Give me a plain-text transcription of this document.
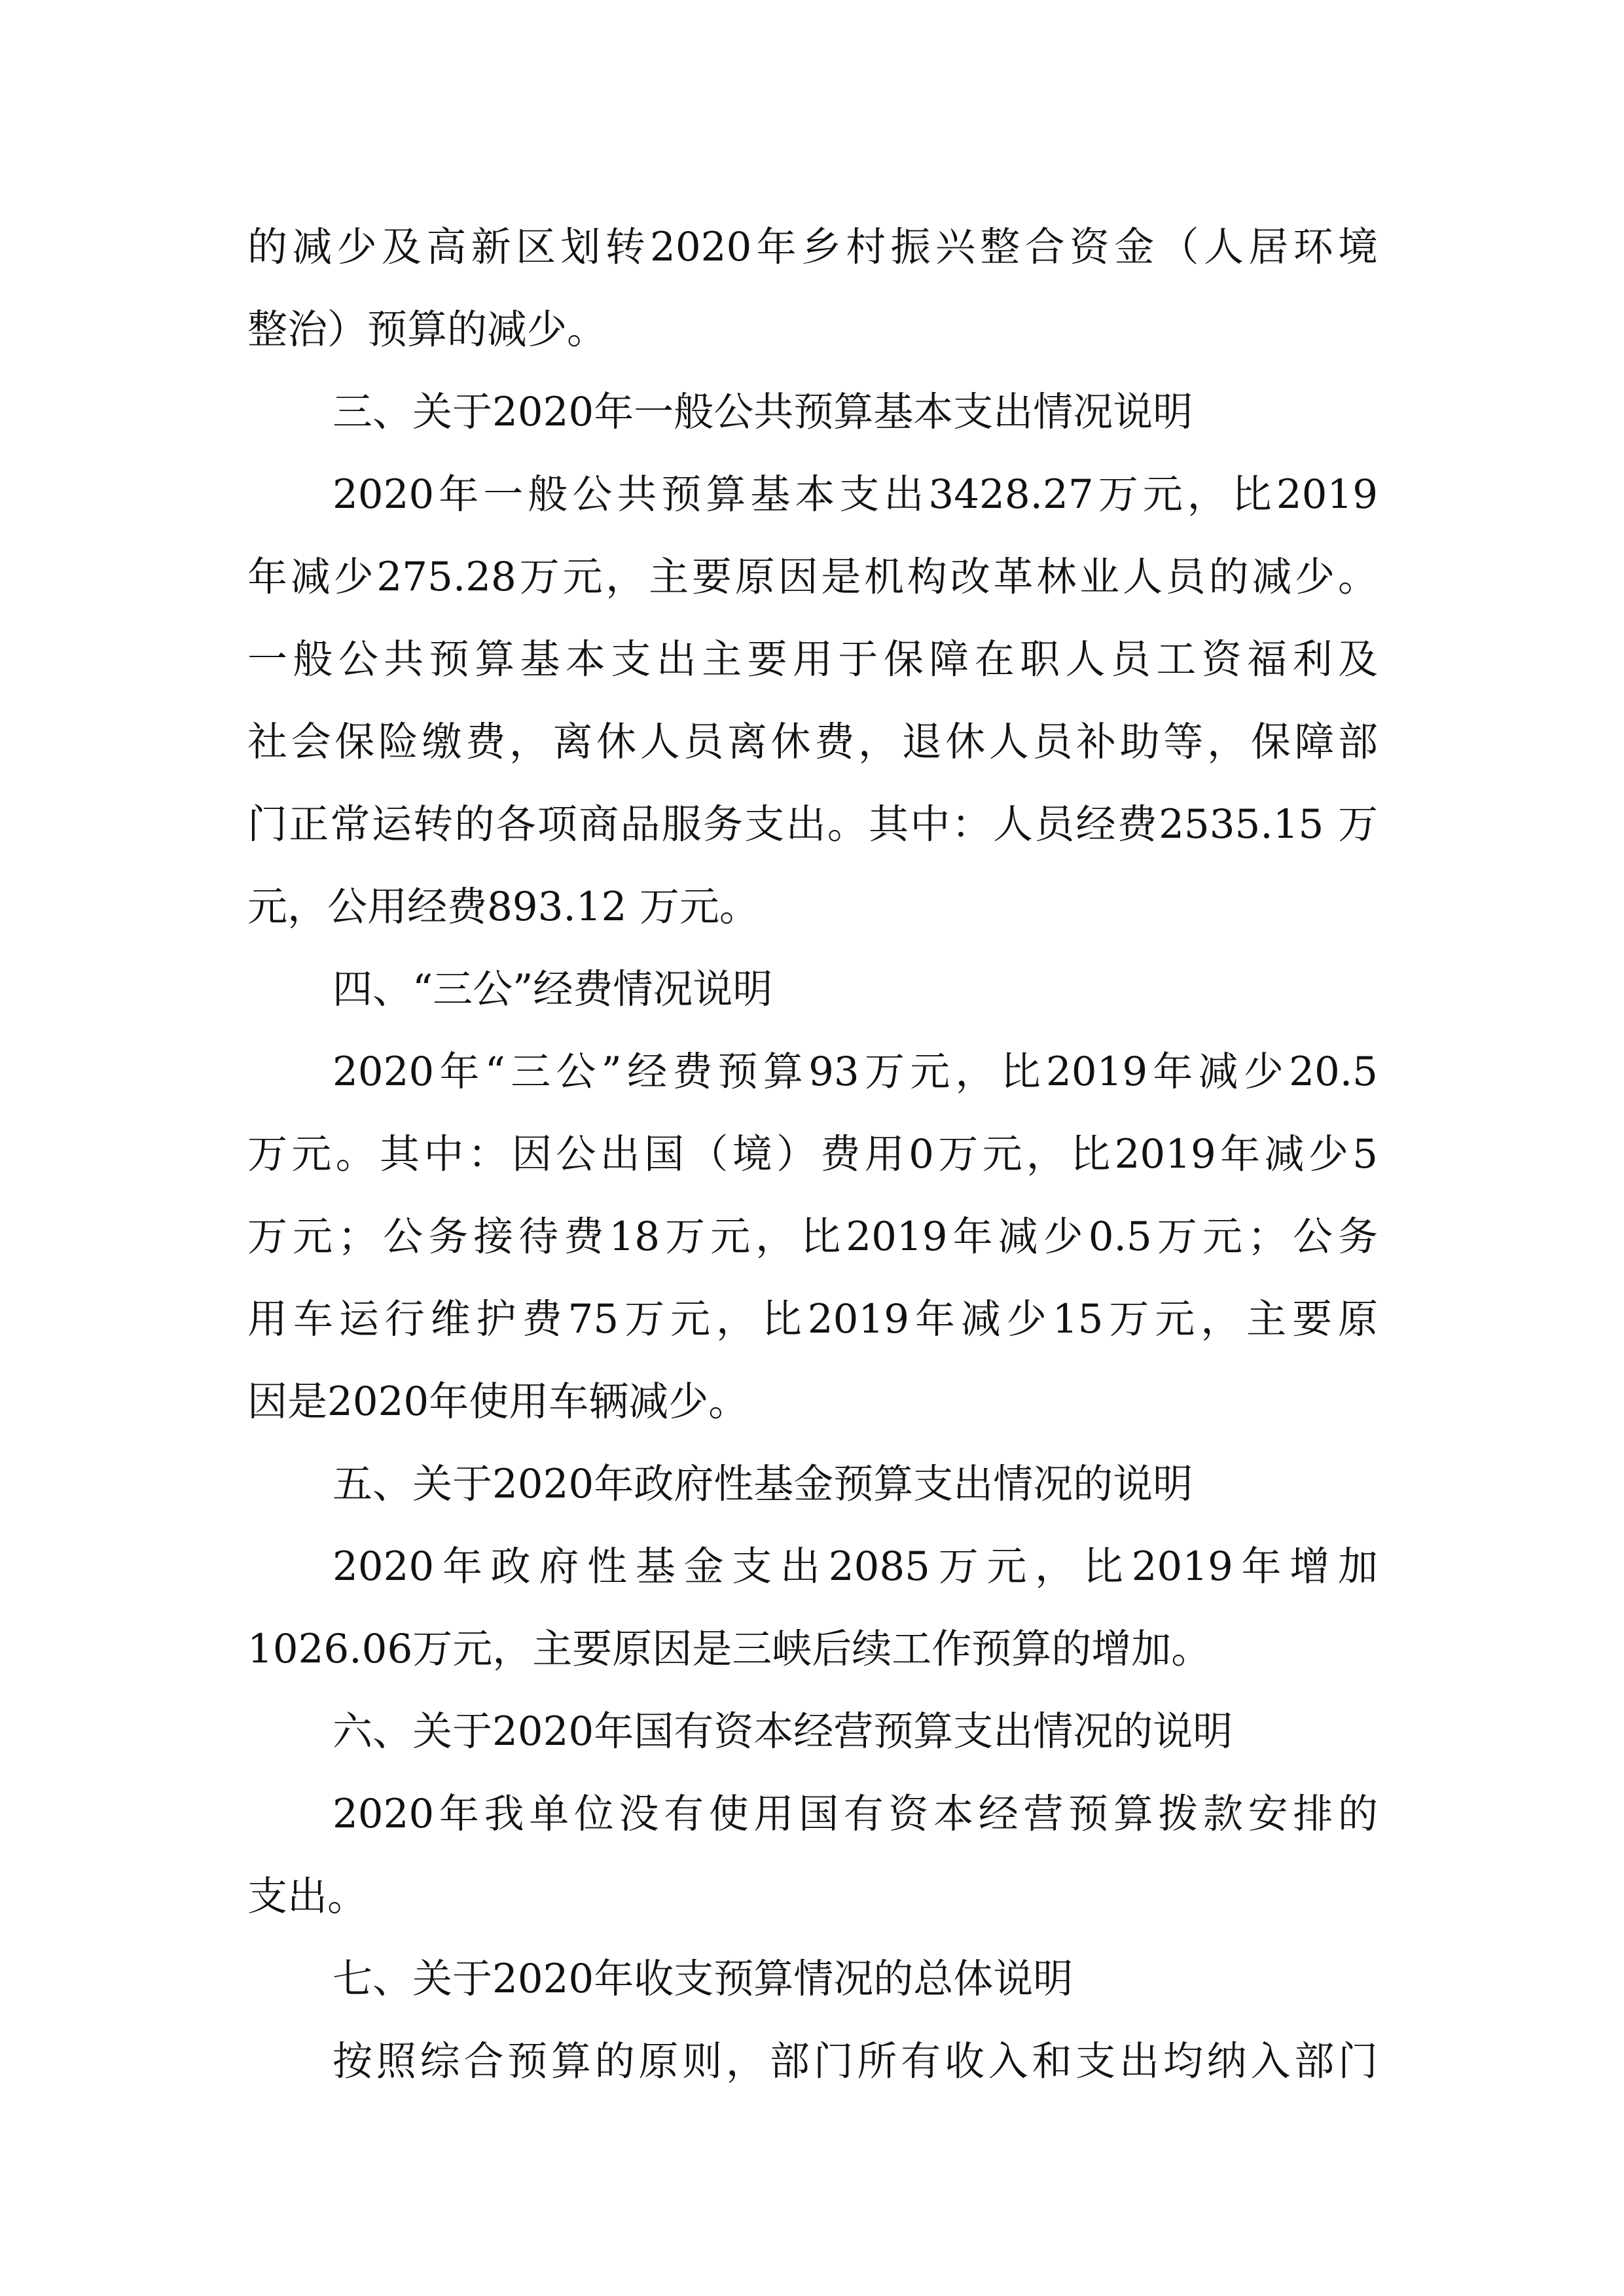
的减少及高新区划转2020年乡村振兴整合资金（人居环境

整治）预算的减少。

三、关于2020年一般公共预算基本支出情况说明

2020年一般公共预算基本支出3428.27万元，比2019

年减少275.28万元，主要原因是机构改革林业人员的减少。

一般公共预算基本支出主要用于保障在职人员工资福利及

社会保险缴费，离休人员离休费，退休人员补助等，保障部

门正常运转的各项商品服务支出。其中：人员经费2535.15 万

元，公用经费893.12 万元。

四、“三公”经费情况说明

2020年“三公”经费预算93万元，比2019年减少20.5

万元。其中：因公出国（境）费用0万元，比2019年减少5

万元；公务接待费18万元，比2019年减少0.5万元；公务

用车运行维护费75万元，比2019年减少15万元，主要原

因是2020年使用车辆减少。

五、关于2020年政府性基金预算支出情况的说明

2020年政府性基金支出2085万元，比2019年增加

1026.06万元，主要原因是三峡后续工作预算的增加。

六、关于2020年国有资本经营预算支出情况的说明

2020年我单位没有使用国有资本经营预算拨款安排的

支出。

七、关于2020年收支预算情况的总体说明

按照综合预算的原则，部门所有收入和支出均纳入部门
